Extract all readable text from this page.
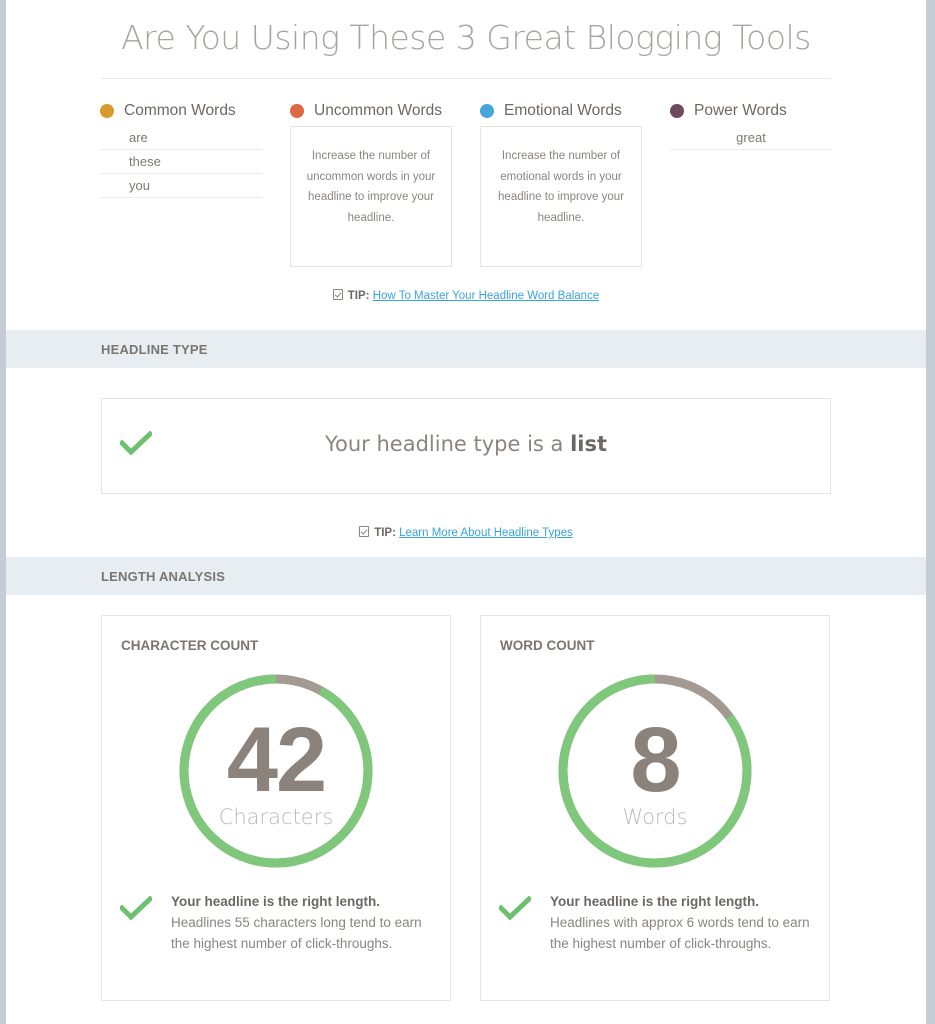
Are You Using These 3 Great Blogging Tools
Common Words
are
these
you
Uncommon Words
Increase the number of uncommon words in your headline to improve your headline.
Emotional Words
Increase the number of emotional words in your headline to improve your headline.
Power Words
great
TIP: How To Master Your Headline Word Balance
HEADLINE TYPE
Your headline type is a list
TIP: Learn More About Headline Types
LENGTH ANALYSIS
CHARACTER COUNT
42
Characters
Your headline is the right length.
Headlines 55 characters long tend to earn the highest number of click-throughs.
WORD COUNT
8
Words
Your headline is the right length.
Headlines with approx 6 words tend to earn the highest number of click-throughs.
